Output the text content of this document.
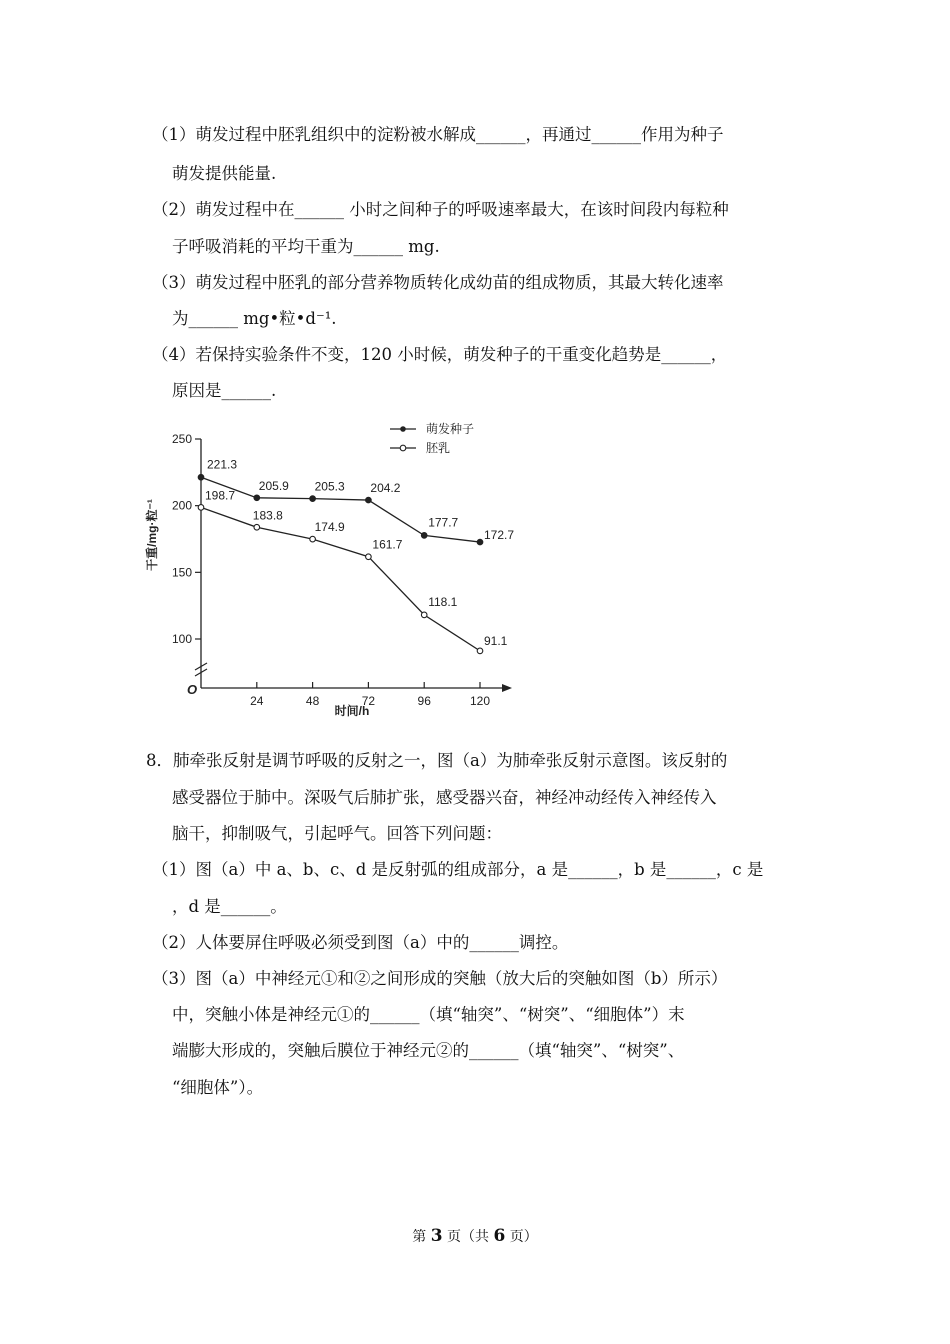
（1）萌发过程中胚乳组织中的淀粉被水解成______，再通过______作用为种子
萌发提供能量.
（2）萌发过程中在______ 小时之间种子的呼吸速率最大，在该时间段内每粒种
子呼吸消耗的平均干重为______ mg.
（3）萌发过程中胚乳的部分营养物质转化成幼苗的组成物质，其最大转化速率
为______ mg•粒•d⁻¹.
（4）若保持实验条件不变，120 小时候，萌发种子的干重变化趋势是______，
原因是______.
O
100
150
200
250
24	48	72	96	120
221.3
205.9 205.3 204.2
177.7
172.7
198.7
183.8
174.9
161.7
118.1
91.1
干重/mg·粒⁻¹
时间/h
萌发种子
胚乳
8．肺牵张反射是调节呼吸的反射之一，图（a）为肺牵张反射示意图。该反射的
感受器位于肺中。深吸气后肺扩张，感受器兴奋，神经冲动经传入神经传入
脑干，抑制吸气，引起呼气。回答下列问题：
（1）图（a）中 a、b、c、d 是反射弧的组成部分，a 是______，b 是______，c 是
，d 是______。
（2）人体要屏住呼吸必须受到图（a）中的______调控。
（3）图（a）中神经元①和②之间形成的突触（放大后的突触如图（b）所示）
中，突触小体是神经元①的______（填“轴突”、“树突”、“细胞体”）末
端膨大形成的，突触后膜位于神经元②的______（填“轴突”、“树突”、
“细胞体”）。
第 3 页（共 6 页）
